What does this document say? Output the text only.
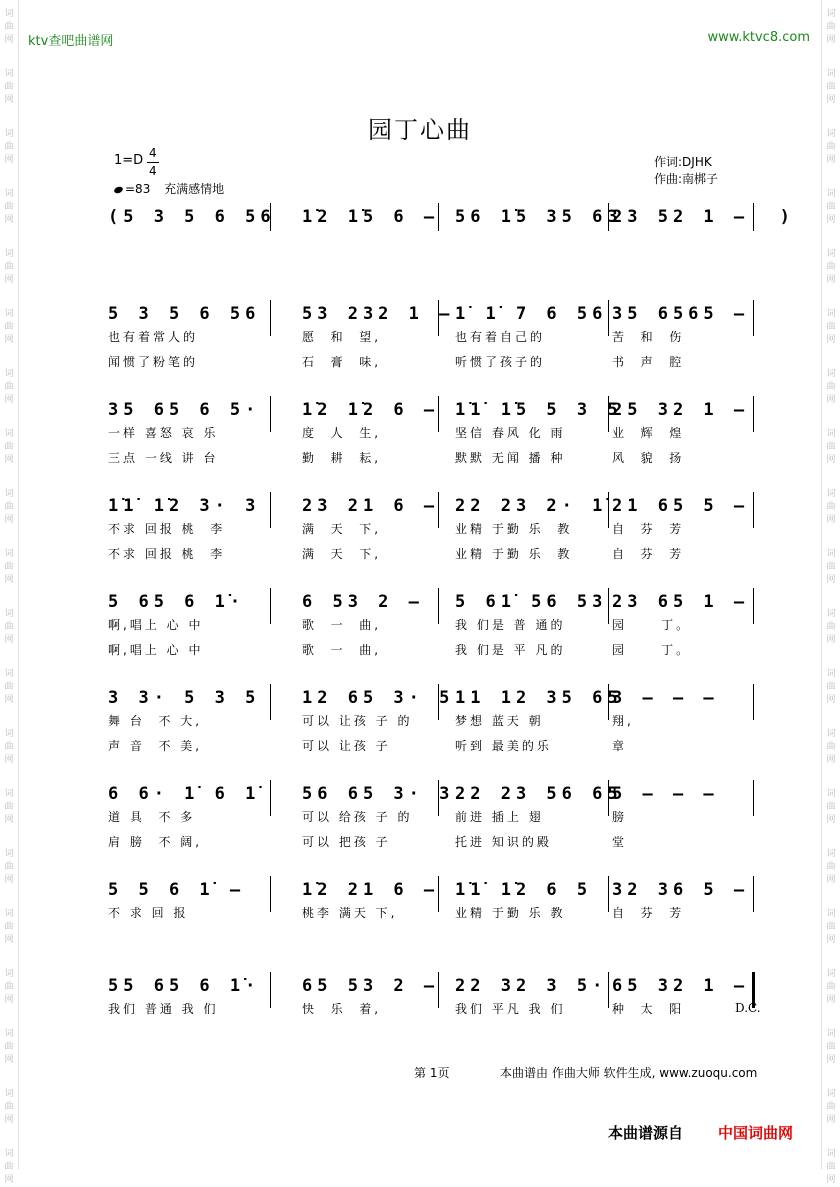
词
曲
网
词
曲
网
词
曲
网
词
曲
网
词
曲
网
词
曲
网
词
曲
网
词
曲
网
词
曲
网
词
曲
网
词
曲
网
词
曲
网
词
曲
网
词
曲
网
词
曲
网
词
曲
网
词
曲
网
词
曲
网
词
曲
网
词
曲
网
词
曲
网
词
曲
网
词
曲
网
词
曲
网
词
曲
网
词
曲
网
词
曲
网
词
曲
网
词
曲
网
词
曲
网
词
曲
网
词
曲
网
词
曲
网
词
曲
网
词
曲
网
词
曲
网
词
曲
网
词
曲
网
词
曲
网
词
曲
网
ktv查吧曲谱网	www.ktvc8.com
园丁心曲
$1=D \frac{4}{4}$
=83 充满感情地
作词:DJHK
作曲:南梆子
(5 3 5 6 56 1̇2 1̇5 6 – 56 1̇5 35 63
23 52 1 –  )
5 3 5 6 56 53 232 1 – 1̇ 1̇ 7 6 56 35 6565 –
也有着常人的	愿  和  望,	也有着自己的	苦  和  伤
闻惯了粉笔的	石  膏  味,	听惯了孩子的	书  声  腔
35 65 6 5· 1̇2 1̇2 6 – 1̇1̇ 1̇5 5 3 5
25 32 1 –
一样 喜怒 哀 乐	度  人  生,	坚信 春风 化 雨	业  辉  煌
三点 一线 讲 台	勤  耕  耘,	默默 无闻 播 种	风  貌  扬
1̇1̇ 1̇2 3· 3 23 21 6 – 22 23 2· 1̇ 21 65 5 –
不求 回报 桃  李	满  天  下,	业精 于勤 乐  教	自  芬  芳
不求 回报 桃  李	满  天  下,	业精 于勤 乐  教	自  芬  芳
5 65 6 1̇·	6 53 2 – 5 61̇ 56 53 23 65 1 –
啊,唱上 心 中	歌  一  曲,	我 们是 普 通的	园     丁。
啊,唱上 心 中	歌  一  曲,	我 们是 平 凡的	园     丁。
3 3· 5 3 5 12 65 3· 5 11 12 35 65
3 – – –
舞 台  不 大,	可以 让孩 子 的	梦想 蓝天 朝	翔,
声 音  不 美,	可以 让孩 子	听到 最美的乐	章
6 6· 1̇ 6 1̇ 56 65 3· 3 22 23 56 65
5 – – –
道 具  不 多	可以 给孩 子 的	前进 插上 翅	膀
肩 膀  不 阔,	可以 把孩 子	托进 知识的殿	堂
5 5 6 1̇ –	1̇2 21 6 – 1̇1̇ 1̇2 6 5 32 36 5 –
不 求 回 报	桃李 满天 下,	业精 于勤 乐 教	自  芬  芳
55 65 6 1̇· 65 53 2 – 22 32 3 5· 65 32 1 –
我们 普通 我 们	快  乐  着,	我们 平凡 我 们	种  太  阳	D.C.
第 1页	本曲谱由 作曲大师 软件生成, www.zuoqu.com
本曲谱源自 中国词曲网
